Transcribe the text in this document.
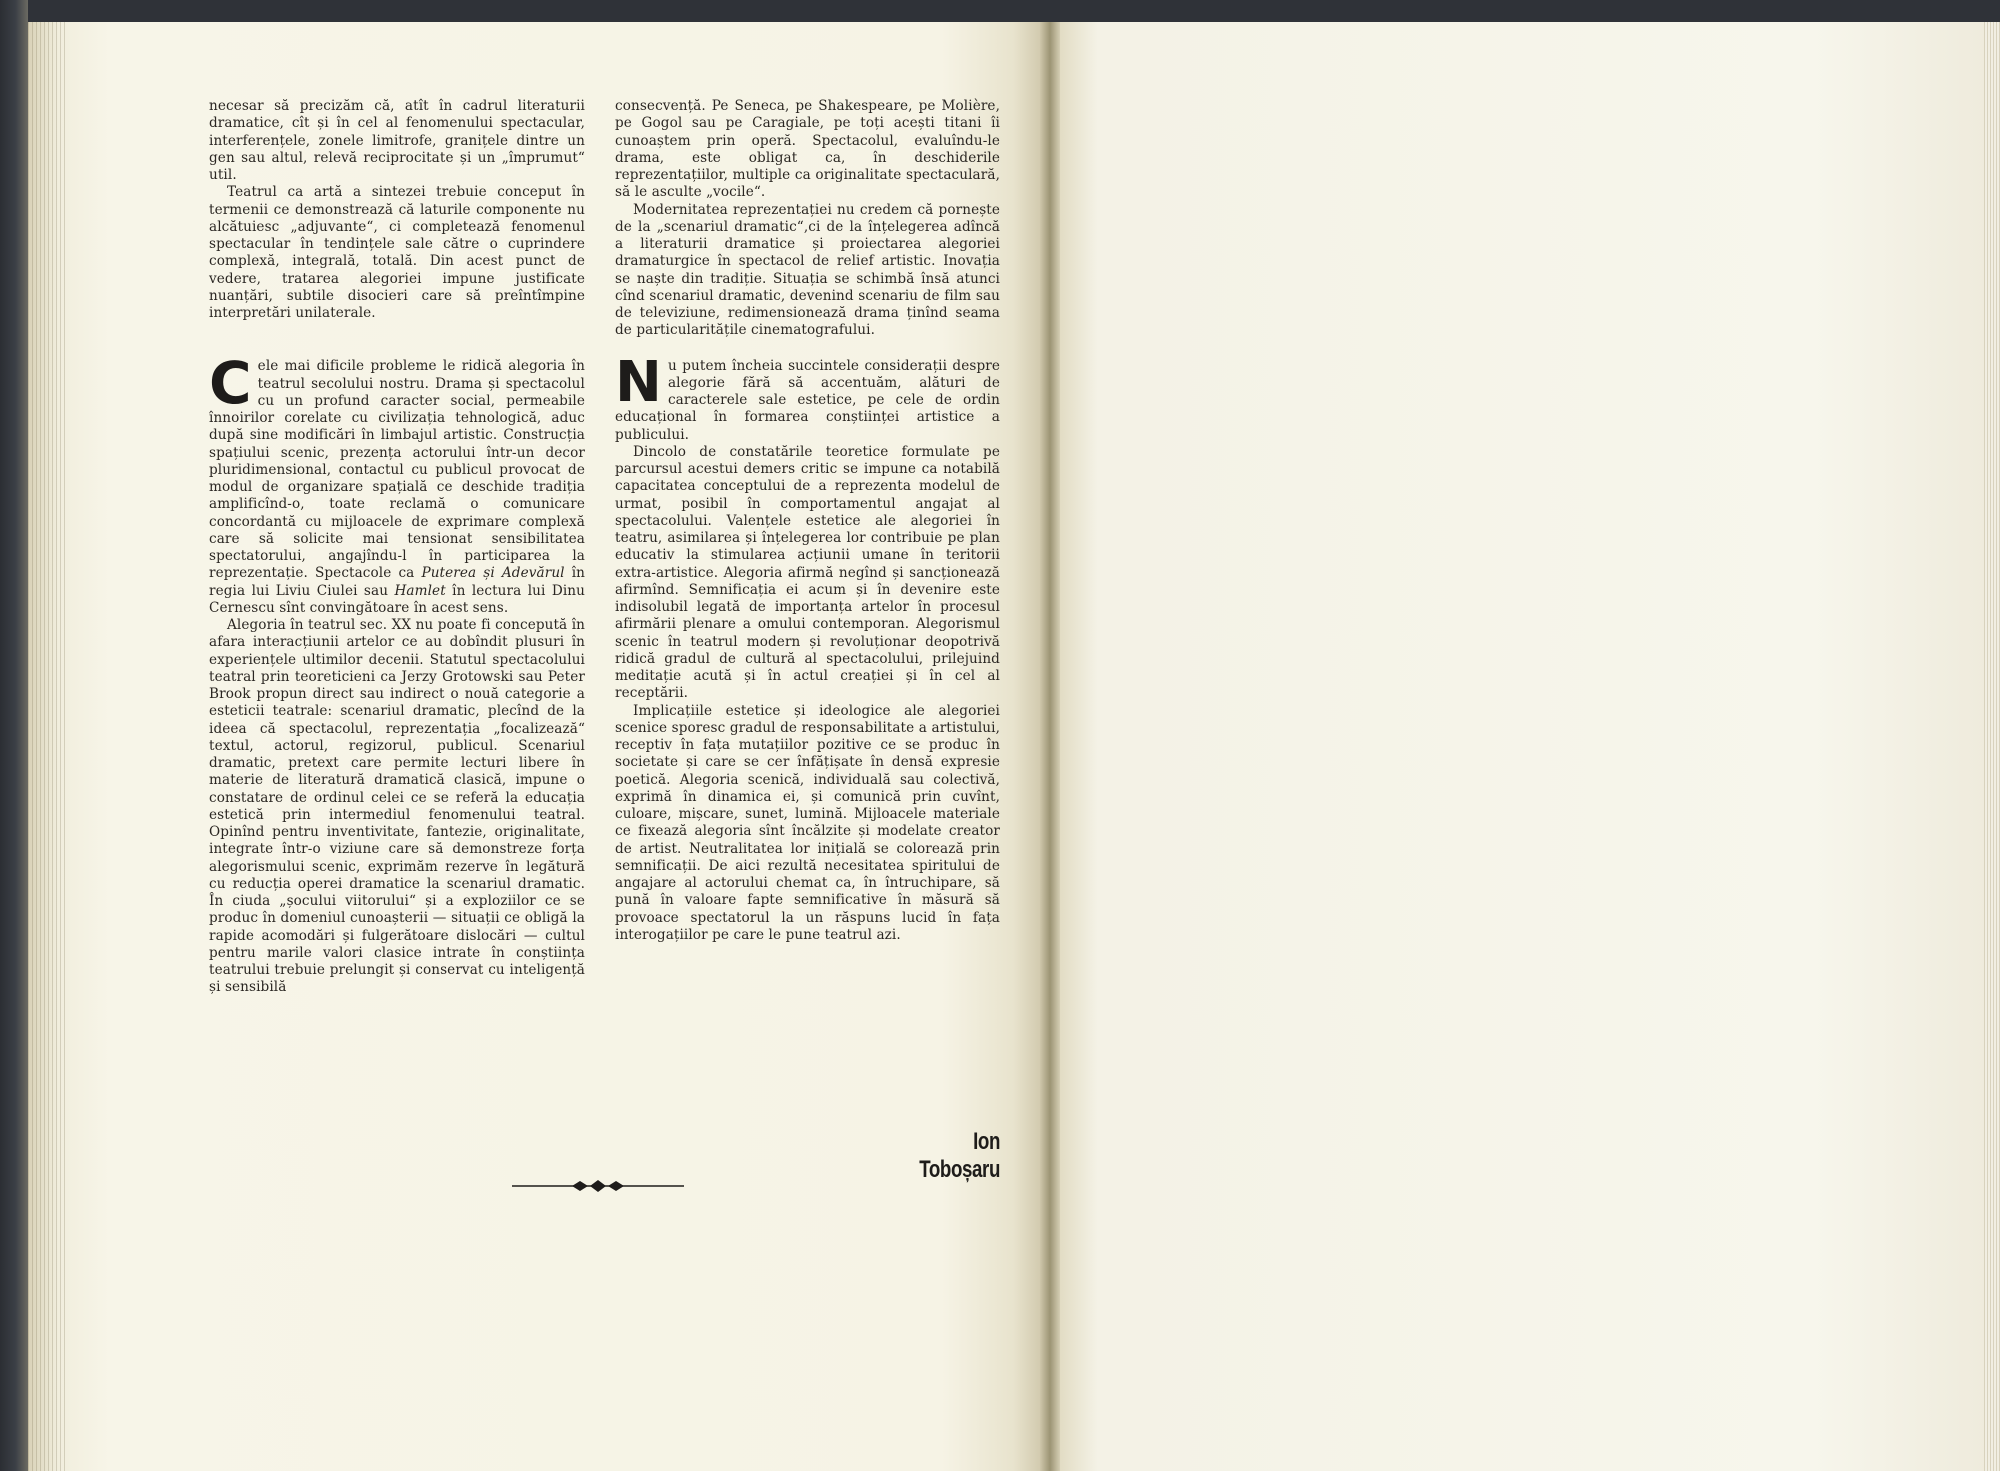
necesar să precizăm că, atît în cadrul literaturii dramatice, cît și în cel al fenomenului spectacular, interferențele, zonele limitrofe, granițele dintre un gen sau altul, relevă reciprocitate și un „împrumut“ util.

Teatrul ca artă a sintezei trebuie conceput în termenii ce demonstrează că laturile componente nu alcătuiesc „adjuvante“, ci completează fenomenul spectacular în tendințele sale către o cuprindere complexă, integrală, totală. Din acest punct de vedere, tratarea alegoriei impune justificate nuanțări, subtile disocieri care să preîntîmpine interpretări unilaterale.

Cele mai dificile probleme le ridică alegoria în teatrul secolului nostru. Drama și spectacolul cu un profund caracter social, permeabile înnoirilor corelate cu civilizația tehnologică, aduc după sine modificări în limbajul artistic. Construcția spațiului scenic, prezența actorului într-un decor pluridimensional, contactul cu publicul provocat de modul de organizare spațială ce deschide tradiția amplificînd-o, toate reclamă o comunicare concordantă cu mijloacele de exprimare complexă care să solicite mai tensionat sensibilitatea spectatorului, angajîndu-l în participarea la reprezentație. Spectacole ca Puterea și Adevărul în regia lui Liviu Ciulei sau Hamlet în lectura lui Dinu Cernescu sînt convingătoare în acest sens.

Alegoria în teatrul sec. XX nu poate fi concepută în afara interacțiunii artelor ce au dobîndit plusuri în experiențele ultimilor decenii. Statutul spectacolului teatral prin teoreticieni ca Jerzy Grotowski sau Peter Brook propun direct sau indirect o nouă categorie a esteticii teatrale: scenariul dramatic, plecînd de la ideea că spectacolul, reprezentația „focalizează“ textul, actorul, regizorul, publicul. Scenariul dramatic, pretext care permite lecturi libere în materie de literatură dramatică clasică, impune o constatare de ordinul celei ce se referă la educația estetică prin intermediul fenomenului teatral. Opinînd pentru inventivitate, fantezie, originalitate, integrate într-o viziune care să demonstreze forța alegorismului scenic, exprimăm rezerve în legătură cu reducția operei dramatice la scenariul dramatic. În ciuda „șocului viitorului“ și a exploziilor ce se produc în domeniul cunoașterii — situații ce obligă la rapide acomodări și fulgerătoare dislocări — cultul pentru marile valori clasice intrate în conștiința teatrului trebuie prelungit și conservat cu inteligență și sensibilă

consecvență. Pe Seneca, pe Shakespeare, pe Molière, pe Gogol sau pe Caragiale, pe toți acești titani îi cunoaștem prin operă. Spectacolul, evaluîndu-le drama, este obligat ca, în deschiderile reprezentațiilor, multiple ca originalitate spectaculară, să le asculte „vocile“.

Modernitatea reprezentației nu credem că pornește de la „scenariul dramatic“,ci de la înțelegerea adîncă a literaturii dramatice și proiectarea alegoriei dramaturgice în spectacol de relief artistic. Inovația se naște din tradiție. Situația se schimbă însă atunci cînd scenariul dramatic, devenind scenariu de film sau de televiziune, redimensionează drama ținînd seama de particularitățile cinematografului.

Nu putem încheia succintele considerații despre alegorie fără să accentuăm, alături de caracterele sale estetice, pe cele de ordin educațional în formarea conștiinței artistice a publicului.

Dincolo de constatările teoretice formulate pe parcursul acestui demers critic se impune ca notabilă capacitatea conceptului de a reprezenta modelul de urmat, posibil în comportamentul angajat al spectacolului. Valențele estetice ale alegoriei în teatru, asimilarea și înțelegerea lor contribuie pe plan educativ la stimularea acțiunii umane în teritorii extra-artistice. Alegoria afirmă negînd și sancționează afirmînd. Semnificația ei acum și în devenire este indisolubil legată de importanța artelor în procesul afirmării plenare a omului contemporan. Alegorismul scenic în teatrul modern și revoluționar deopotrivă ridică gradul de cultură al spectacolului, prilejuind meditație acută și în actul creației și în cel al receptării.

Implicațiile estetice și ideologice ale alegoriei scenice sporesc gradul de responsabilitate a artistului, receptiv în fața mutațiilor pozitive ce se produc în societate și care se cer înfățișate în densă expresie poetică. Alegoria scenică, individuală sau colectivă, exprimă în dinamica ei, și comunică prin cuvînt, culoare, mișcare, sunet, lumină. Mijloacele materiale ce fixează alegoria sînt încălzite și modelate creator de artist. Neutralitatea lor inițială se colorează prin semnificații. De aici rezultă necesitatea spiritului de angajare al actorului chemat ca, în întruchipare, să pună în valoare fapte semnificative în măsură să provoace spectatorul la un răspuns lucid în fața interogațiilor pe care le pune teatrul azi.

Ion Toboșaru
